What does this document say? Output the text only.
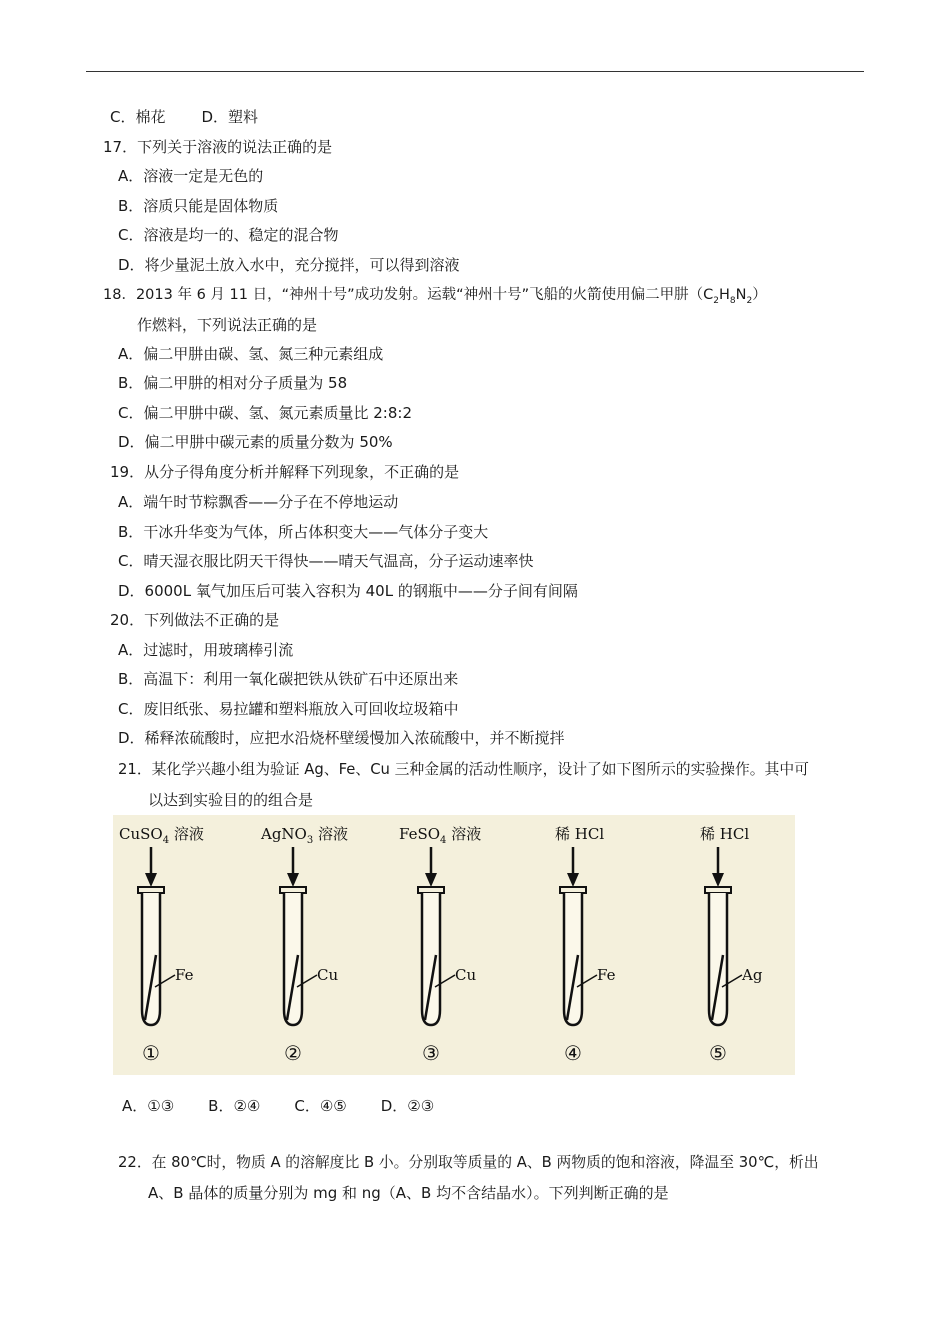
C．棉花 D．塑料
17．下列关于溶液的说法正确的是
A．溶液一定是无色的
B．溶质只能是固体物质
C．溶液是均一的、稳定的混合物
D．将少量泥土放入水中，充分搅拌，可以得到溶液
18．2013 年 6 月 11 日，“神州十号”成功发射。运载“神州十号”飞船的火箭使用偏二甲肼$(C_2H_8N_2)$
作燃料，下列说法正确的是
A．偏二甲肼由碳、氢、氮三种元素组成
B．偏二甲肼的相对分子质量为 58
C．偏二甲肼中碳、氢、氮元素质量比 2:8:2
D．偏二甲肼中碳元素的质量分数为 50%
19．从分子得角度分析并解释下列现象，不正确的是
A．端午时节粽飘香——分子在不停地运动
B．干冰升华变为气体，所占体积变大——气体分子变大
C．晴天湿衣服比阴天干得快——晴天气温高，分子运动速率快
D．6000L 氧气加压后可装入容积为 40L 的钢瓶中——分子间有间隔
20．下列做法不正确的是
A．过滤时，用玻璃棒引流
B．高温下：利用一氧化碳把铁从铁矿石中还原出来
C．废旧纸张、易拉罐和塑料瓶放入可回收垃圾箱中
D．稀释浓硫酸时，应把水沿烧杯壁缓慢加入浓硫酸中，并不断搅拌
21．某化学兴趣小组为验证 Ag、Fe、Cu 三种金属的活动性顺序，设计了如下图所示的实验操作。其中可
以达到实验目的的组合是
CuSO$_4$ 溶液
Fe
①
AgNO$_3$ 溶液
Cu
②
FeSO$_4$ 溶液
Cu
③
稀 HCl
Fe
④
稀 HCl
Ag
⑤
A．①③ B．②④ C．④⑤ D．②③
22．在 80℃时，物质 A 的溶解度比 B 小。分别取等质量的 A、B 两物质的饱和溶液，降温至 30℃，析出
A、B 晶体的质量分别为 mg 和 ng（A、B 均不含结晶水）。下列判断正确的是
